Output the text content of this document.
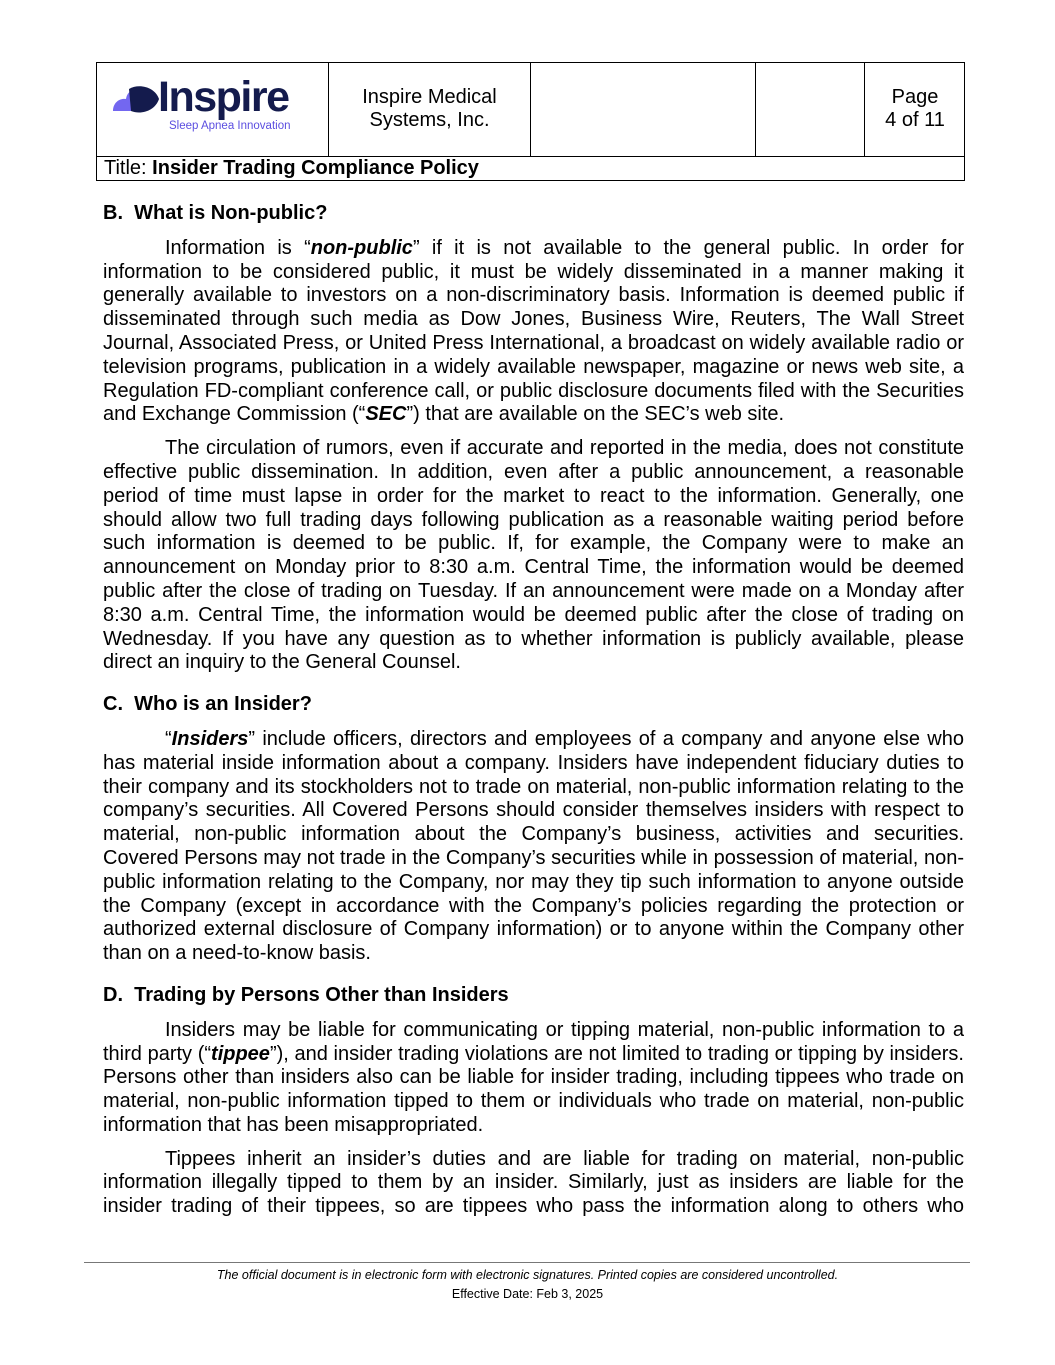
Inspire
Sleep Apnea Innovation
Inspire Medical
Systems, Inc.
Page
4 of 11
Title: Insider Trading Compliance Policy
B.  What is Non-public?

Information is “non-public” if it is not available to the general public. In order for information to be considered public, it must be widely disseminated in a manner making it generally available to investors on a non-discriminatory basis. Information is deemed public if disseminated through such media as Dow Jones, Business Wire, Reuters, The Wall Street Journal, Associated Press, or United Press International, a broadcast on widely available radio or television programs, publication in a widely available newspaper, magazine or news web site, a Regulation FD-compliant conference call, or public disclosure documents filed with the Securities and Exchange Commission (“SEC”) that are available on the SEC’s web site.

The circulation of rumors, even if accurate and reported in the media, does not constitute effective public dissemination. In addition, even after a public announcement, a reasonable period of time must lapse in order for the market to react to the information. Generally, one should allow two full trading days following publication as a reasonable waiting period before such information is deemed to be public. If, for example, the Company were to make an announcement on Monday prior to 8:30 a.m. Central Time, the information would be deemed public after the close of trading on Tuesday. If an announcement were made on a Monday after 8:30 a.m. Central Time, the information would be deemed public after the close of trading on Wednesday. If you have any question as to whether information is publicly available, please direct an inquiry to the General Counsel.

C.  Who is an Insider?

“Insiders” include officers, directors and employees of a company and anyone else who has material inside information about a company. Insiders have independent fiduciary duties to their company and its stockholders not to trade on material, non-public information relating to the company’s securities. All Covered Persons should consider themselves insiders with respect to material, non-public information about the Company’s business, activities and securities. Covered Persons may not trade in the Company’s securities while in possession of material, non-public information relating to the Company, nor may they tip such information to anyone outside the Company (except in accordance with the Company’s policies regarding the protection or authorized external disclosure of Company information) or to anyone within the Company other than on a need-to-know basis.

D.  Trading by Persons Other than Insiders

Insiders may be liable for communicating or tipping material, non-public information to a third party (“tippee”), and insider trading violations are not limited to trading or tipping by insiders. Persons other than insiders also can be liable for insider trading, including tippees who trade on material, non-public information tipped to them or individuals who trade on material, non-public information that has been misappropriated.

Tippees inherit an insider’s duties and are liable for trading on material, non-public information illegally tipped to them by an insider. Similarly, just as insiders are liable for the insider trading of their tippees, so are tippees who pass the information along to others who

The official document is in electronic form with electronic signatures. Printed copies are considered uncontrolled.
Effective Date: Feb 3, 2025
